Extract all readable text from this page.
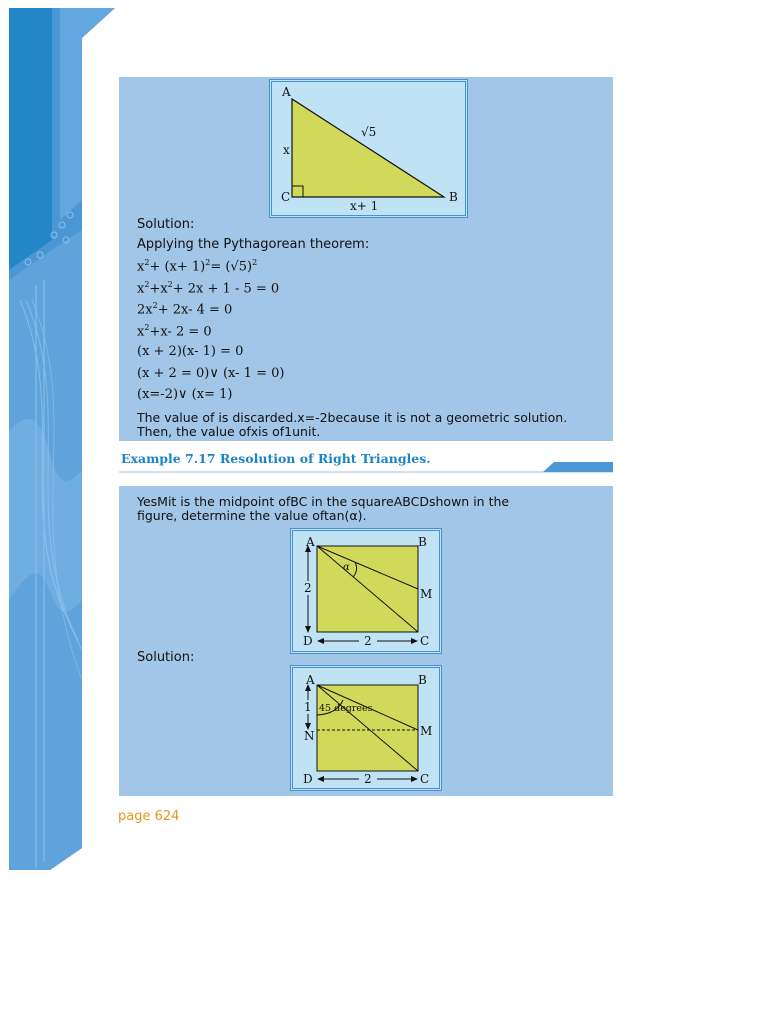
A
C	B
x
x+ 1
√5
Solution:
Applying the Pythagorean theorem:
$x^2+ (x+ 1)^2= (√5)^2$
$x^2+x^2+ 2x + 1 - 5 = 0$
$2x^2+ 2x-$ 4 = 0
$x^2+x-$ 2 = 0
(x + 2)(x- 1) = 0
(x + 2 = 0)∨ (x- 1 = 0)
(x=-2)∨ (x= 1)
The value of is discarded.x=-2because it is not a geometric solution.
Then, the value ofxis of1unit.
Example 7.17 Resolution of Right Triangles.
YesMit is the midpoint ofBC in the squareABCDshown in the
figure, determine the value oftan(α).
A	B
C
D
M
α
2
2
Solution:
A	B
C
D
M
N
45 degrees
1
2
page 624
